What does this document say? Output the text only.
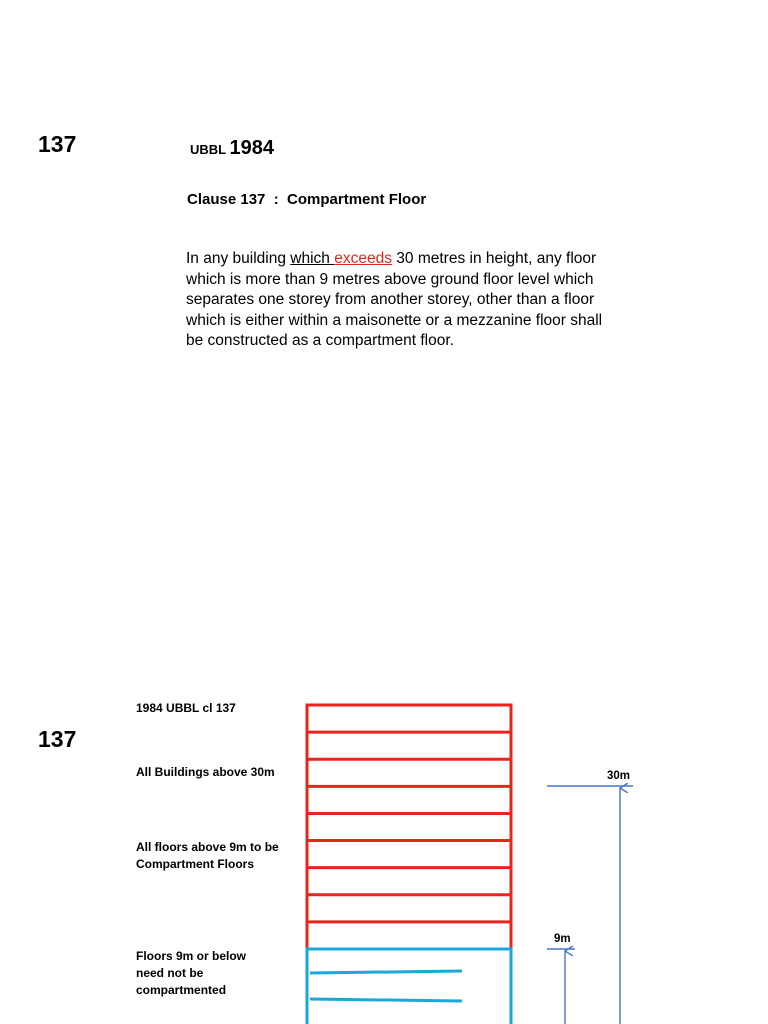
137	UBBL 1984
Clause 137  :  Compartment Floor
In any building which exceeds 30 metres in height, any floor which is more than 9 metres above ground floor level which separates one storey from another storey, other than a floor which is either within a maisonette or a mezzanine floor shall be constructed as a compartment floor.
137
1984 UBBL cl 137
All Buildings above 30m
All floors above 9m to be
Compartment Floors
Floors 9m or below
need not be
compartmented
30m
9m
